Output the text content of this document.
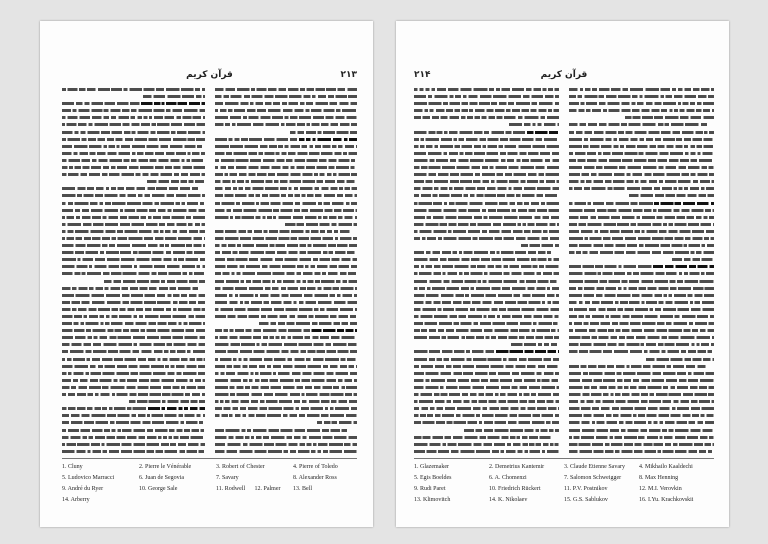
قرآن کریم	۲۱۳
1. Cluny	2. Pierre le Vénérable	3. Robert of Chester	4. Pierre of Toledo
5. Ludovico Marracci	6. Juan de Segovia	7. Savary	8. Alexander Ross
9. André du Ryer	10. George Sale	11. Rodwell	12. Palmer	13. Bell
14. Arberry
قرآن کریم
۲۱۴
1. Glazemaker	2. Demetrius Kantemir	3. Claude Etienne Savary	4. Mikhailo Kaaldechi
5. Egis Boeldes	6. A. Chomenzi	7. Salomon Schweigger	8. Max Henning
9. Rudi Paret	10. Friedrich Rückert	11. P.V. Postnikov	12. M.I. Verovkin
13. Klimovitch	14. K. Nikolaev	15. G.S. Sablukov	16. I.Yu. Krachkovskii
